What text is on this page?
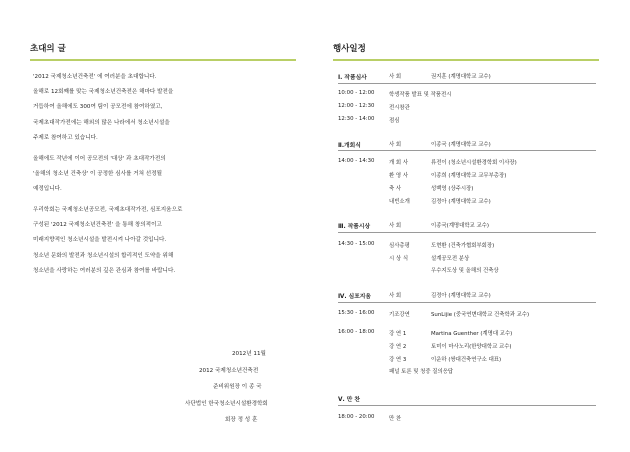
초대의 글
'2012 국제청소년건축전' 에 여러분을 초대합니다.
올해로 12회째를 맞는 국제청소년건축전은 해마다 발전을
거듭하여 올해에도 300여 팀이 공모전에 참여하였고,
국제초대작가전에는 해외의 많은 나라에서 청소년시설을
주제로 참여하고 있습니다.
올해에도 작년에 이어 공모전의 '대상' 과 초대작가전의
'올해의 청소년 건축상' 이 공정한 심사를 거쳐 선정될
예정입니다.
우리학회는 국제청소년공모전, 국제초대작가전, 심포지움으로
구성된 '2012 국제청소년건축전' 을 통해 창의적이고
미래지향적인 청소년시설을 발전시켜 나아갈 것입니다.
청소년 문화의 발전과 청소년시설의 합리적인 도약을 위해
청소년을 사랑하는 여러분의 깊은 관심과 참여를 바랍니다.
2012년 11월
2012 국제청소년건축전
준비위원장 이 종 국
사단법인 한국청소년시설환경학회
회장 정 성 훈
행사일정
Ⅰ. 작품심사	사 회	권지훈 (계명대학교 교수)
10:00 - 12:00	학생작품 발표 및 작품전시
12:00 - 12:30	전시참관
12:30 - 14:00	점심
Ⅱ.개회식	사 회	이종국 (계명대학교 교수)
14:00 - 14:30	개 회 사	류전이 (청소년시설환경학회 이사장)
환 영 사	이종희 (계명대학교 교무부총장)
축 사	성백영 (상주시장)
내빈소개	김정아 (계명대학교 교수)
Ⅲ. 작품시상	사 회	이종국(계명대학교 교수)
14:30 - 15:00	심사총평	도현환 (건축가협회부회장)
시 상 식	설계공모전 분상
우수지도상 및 올해의 건축상
Ⅳ. 심포지움	사 회	김정아 (계명대학교 교수)
15:30 - 16:00	기조강연	SunLijie (중국연변대학교 건축학과 교수)
16:00 - 18:00	강 연 1	Martina Guenther (계명대 교수)
강 연 2	토미이 마사노리(한양대학교 교수)
강 연 3	이운하 (쌍대건축연구소 대표)
패널 토론 및 청중 질의응답
Ⅴ. 만 찬
18:00 - 20:00	만 찬
